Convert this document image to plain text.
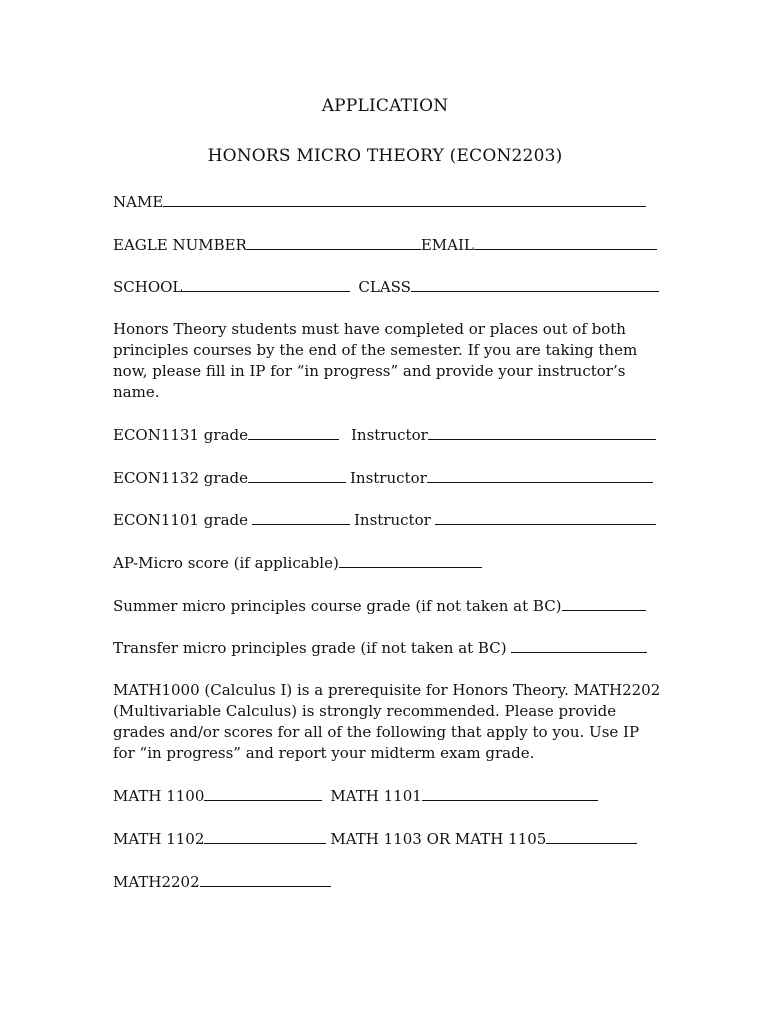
APPLICATION
HONORS MICRO THEORY (ECON2203)
NAME
EAGLE NUMBER	EMAIL
SCHOOL	CLASS
Honors Theory students must have completed or places out of both principles courses by the end of the semester. If you are taking them now, please fill in IP for “in progress” and provide your instructor’s name.
ECON1131 grade	Instructor
ECON1132 grade	Instructor
ECON1101 grade	Instructor
AP-Micro score (if applicable)
Summer micro principles course grade (if not taken at BC)
Transfer micro principles grade (if not taken at BC)
MATH1000 (Calculus I) is a prerequisite for Honors Theory. MATH2202 (Multivariable Calculus) is strongly recommended. Please provide grades and/or scores for all of the following that apply to you. Use IP for “in progress” and report your midterm exam grade.
MATH 1100	MATH 1101
MATH 1102	MATH 1103 OR MATH 1105
MATH2202
